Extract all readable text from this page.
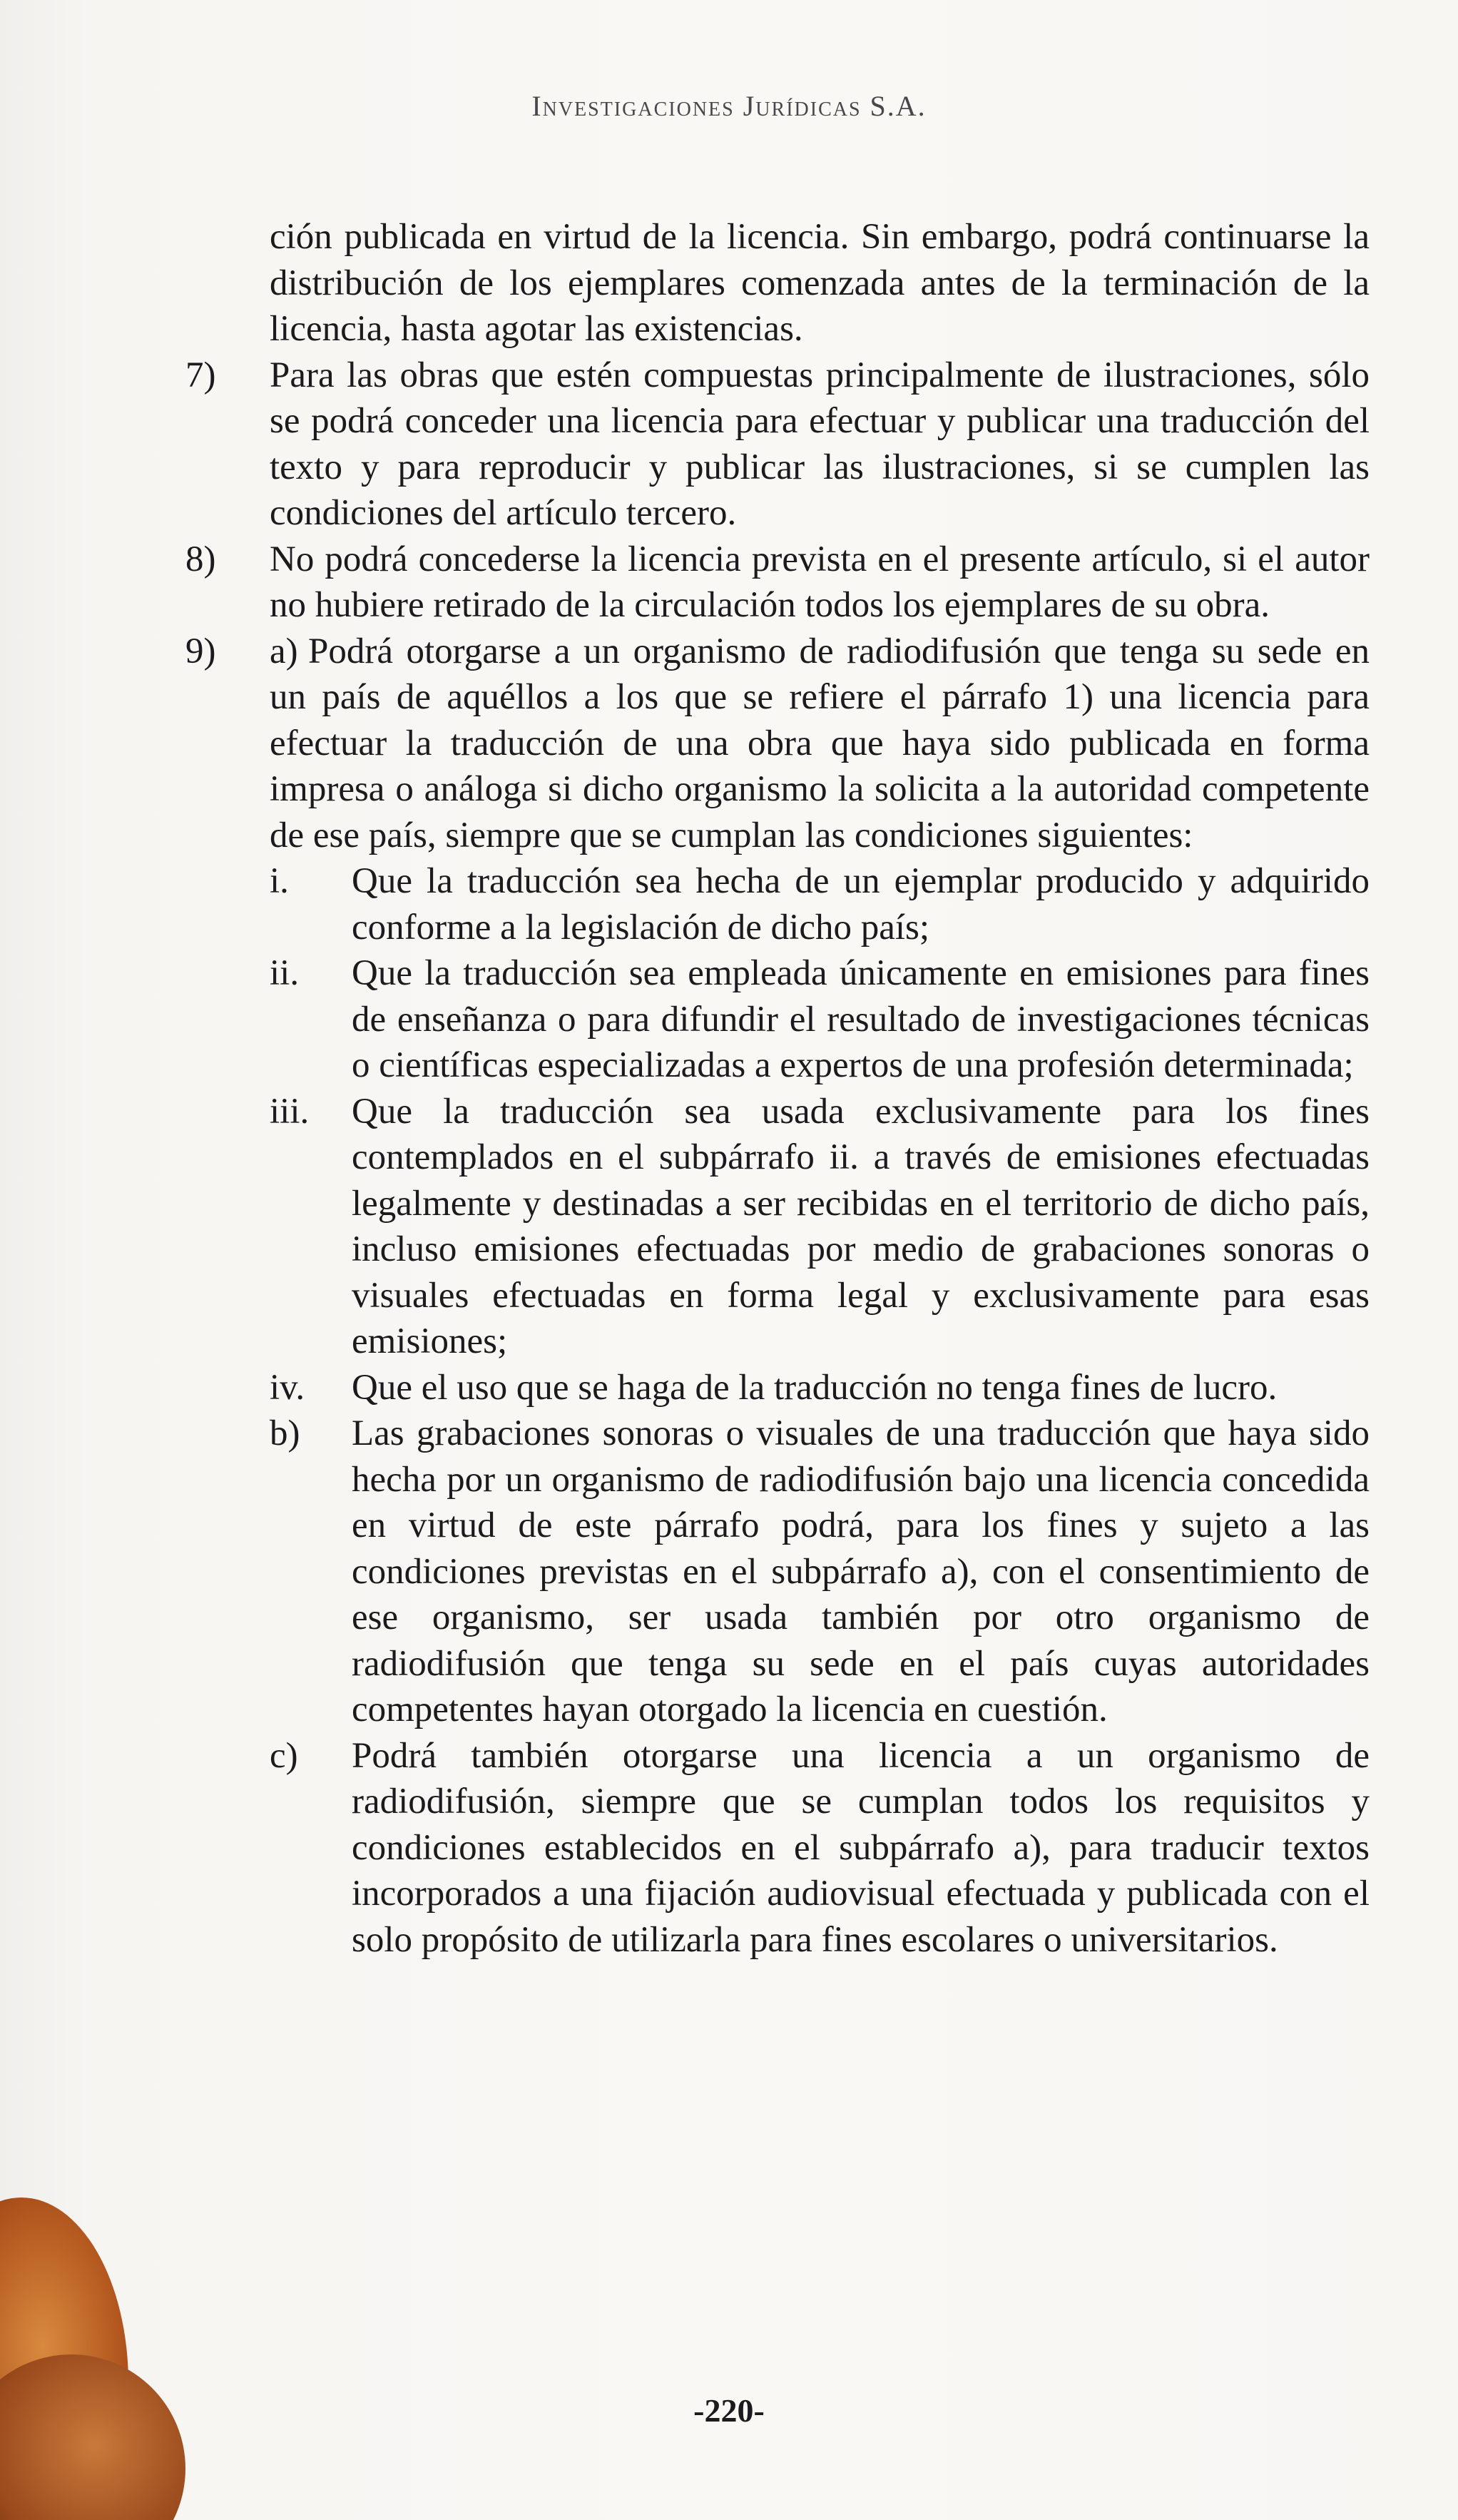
Investigaciones Jurídicas S.A.

ción publicada en virtud de la licencia. Sin embargo, podrá continuarse la distribución de los ejemplares comenzada antes de la terminación de la licencia, hasta agotar las existencias.

7) Para las obras que estén compuestas principalmente de ilustraciones, sólo se podrá conceder una licencia para efectuar y publicar una traducción del texto y para reproducir y publicar las ilustraciones, si se cumplen las condiciones del artículo tercero.

8) No podrá concederse la licencia prevista en el presente artículo, si el autor no hubiere retirado de la circulación todos los ejemplares de su obra.

9) a) Podrá otorgarse a un organismo de radiodifusión que tenga su sede en un país de aquéllos a los que se refiere el párrafo 1) una licencia para efectuar la traducción de una obra que haya sido publicada en forma impresa o análoga si dicho organismo la solicita a la autoridad competente de ese país, siempre que se cumplan las condiciones siguientes:

i. Que la traducción sea hecha de un ejemplar producido y adquirido conforme a la legislación de dicho país;

ii. Que la traducción sea empleada únicamente en emisiones para fines de enseñanza o para difundir el resultado de investigaciones técnicas o científicas especializadas a expertos de una profesión determinada;

iii. Que la traducción sea usada exclusivamente para los fines contemplados en el subpárrafo ii. a través de emisiones efectuadas legalmente y destinadas a ser recibidas en el territorio de dicho país, incluso emisiones efectuadas por medio de grabaciones sonoras o visuales efectuadas en forma legal y exclusivamente para esas emisiones;

iv. Que el uso que se haga de la traducción no tenga fines de lucro.

b) Las grabaciones sonoras o visuales de una traducción que haya sido hecha por un organismo de radiodifusión bajo una licencia concedida en virtud de este párrafo podrá, para los fines y sujeto a las condiciones previstas en el subpárrafo a), con el consentimiento de ese organismo, ser usada también por otro organismo de radiodifusión que tenga su sede en el país cuyas autoridades competentes hayan otorgado la licencia en cuestión.

c) Podrá también otorgarse una licencia a un organismo de radiodifusión, siempre que se cumplan todos los requisitos y condiciones establecidos en el subpárrafo a), para traducir textos incorporados a una fijación audiovisual efectuada y publicada con el solo propósito de utilizarla para fines escolares o universitarios.

-220-
